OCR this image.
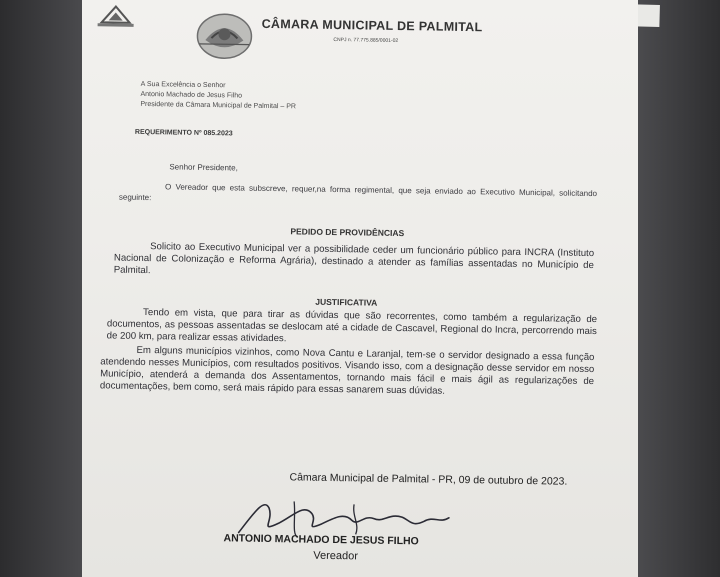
CÂMARA MUNICIPAL DE PALMITAL
CNPJ n. 77.775.885/0001-02
A Sua Excelência o Senhor
Antonio Machado de Jesus Filho
Presidente da Câmara Municipal de Palmital – PR
REQUERIMENTO Nº 085.2023
Senhor Presidente,
O Vereador que esta subscreve, requer,na forma regimental, que seja enviado ao Executivo Municipal, solicitando seguinte:
PEDIDO DE PROVIDÊNCIAS
Solicito ao Executivo Municipal ver a possibilidade ceder um funcionário público para INCRA (Instituto Nacional de Colonização e Reforma Agrária), destinado a atender as famílias assentadas no Município de Palmital.
JUSTIFICATIVA
Tendo em vista, que para tirar as dúvidas que são recorrentes, como também a regularização de documentos, as pessoas assentadas se deslocam até a cidade de Cascavel, Regional do Incra, percorrendo mais de 200 km, para realizar essas atividades.
Em alguns municípios vizinhos, como Nova Cantu e Laranjal, tem-se o servidor designado a essa função atendendo nesses Municípios, com resultados positivos. Visando isso, com a designação desse servidor em nosso Município, atenderá a demanda dos Assentamentos, tornando mais fácil e mais ágil as regularizações de documentações, bem como, será mais rápido para essas sanarem suas dúvidas.
Câmara Municipal de Palmital - PR, 09 de outubro de 2023.
ANTONIO MACHADO DE JESUS FILHO
Vereador
